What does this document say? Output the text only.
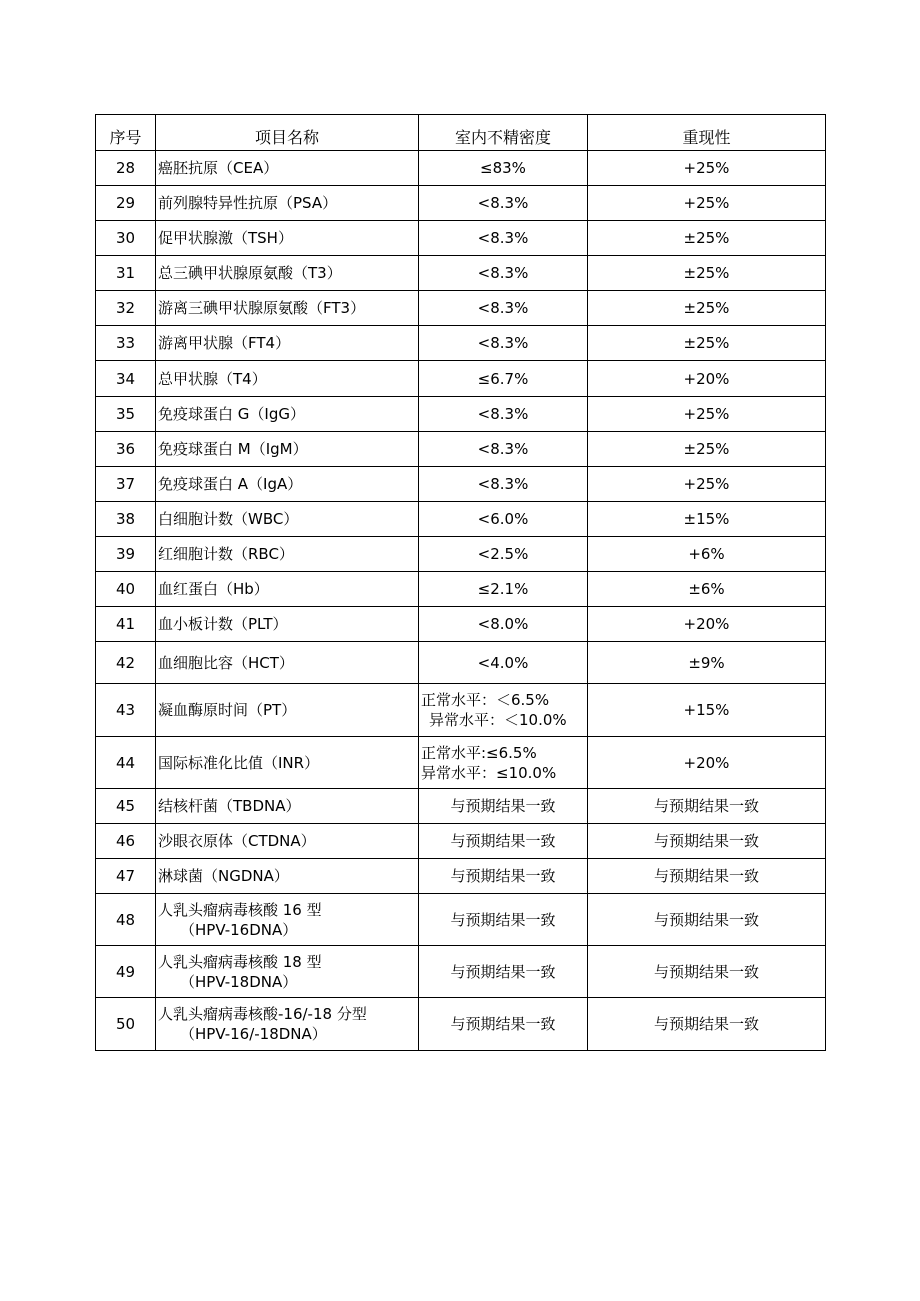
序号	项目名称	室内不精密度	重现性
28	癌胚抗原（CEA）	≤83%	+25%
29	前列腺特异性抗原（PSA）	<8.3%	+25%
30	促甲状腺激（TSH）	<8.3%	±25%
31	总三碘甲状腺原氨酸（T3）	<8.3%	±25%
32	游离三碘甲状腺原氨酸（FT3）	<8.3%	±25%
33	游离甲状腺（FT4）	<8.3%	±25%
34	总甲状腺（T4）	≤6.7%	+20%
35	免疫球蛋白 G（IgG）	<8.3%	+25%
36	免疫球蛋白 M（IgM）	<8.3%	±25%
37	免疫球蛋白 A（IgA）	<8.3%	+25%
38	白细胞计数（WBC）	<6.0%	±15%
39	红细胞计数（RBC）	<2.5%	+6%
40	血红蛋白（Hb）	≤2.1%	±6%
41	血小板计数（PLT）	<8.0%	+20%
42	血细胞比容（HCT）	<4.0%	±9%
43	凝血酶原时间（PT）	正常水平：＜6.5%
异常水平：＜10.0%	+15%
44	国际标准化比值（INR）	正常水平:≤6.5%
异常水平：≤10.0%	+20%
45	结核杆菌（TBDNA）	与预期结果一致	与预期结果一致
46	沙眼衣原体（CTDNA）	与预期结果一致	与预期结果一致
47	淋球菌（NGDNA）	与预期结果一致	与预期结果一致
48	人乳头瘤病毒核酸 16 型
（HPV-16DNA）	与预期结果一致	与预期结果一致
49	人乳头瘤病毒核酸 18 型
（HPV-18DNA）	与预期结果一致	与预期结果一致
50	人乳头瘤病毒核酸-16/-18 分型
（HPV-16/-18DNA）	与预期结果一致	与预期结果一致
